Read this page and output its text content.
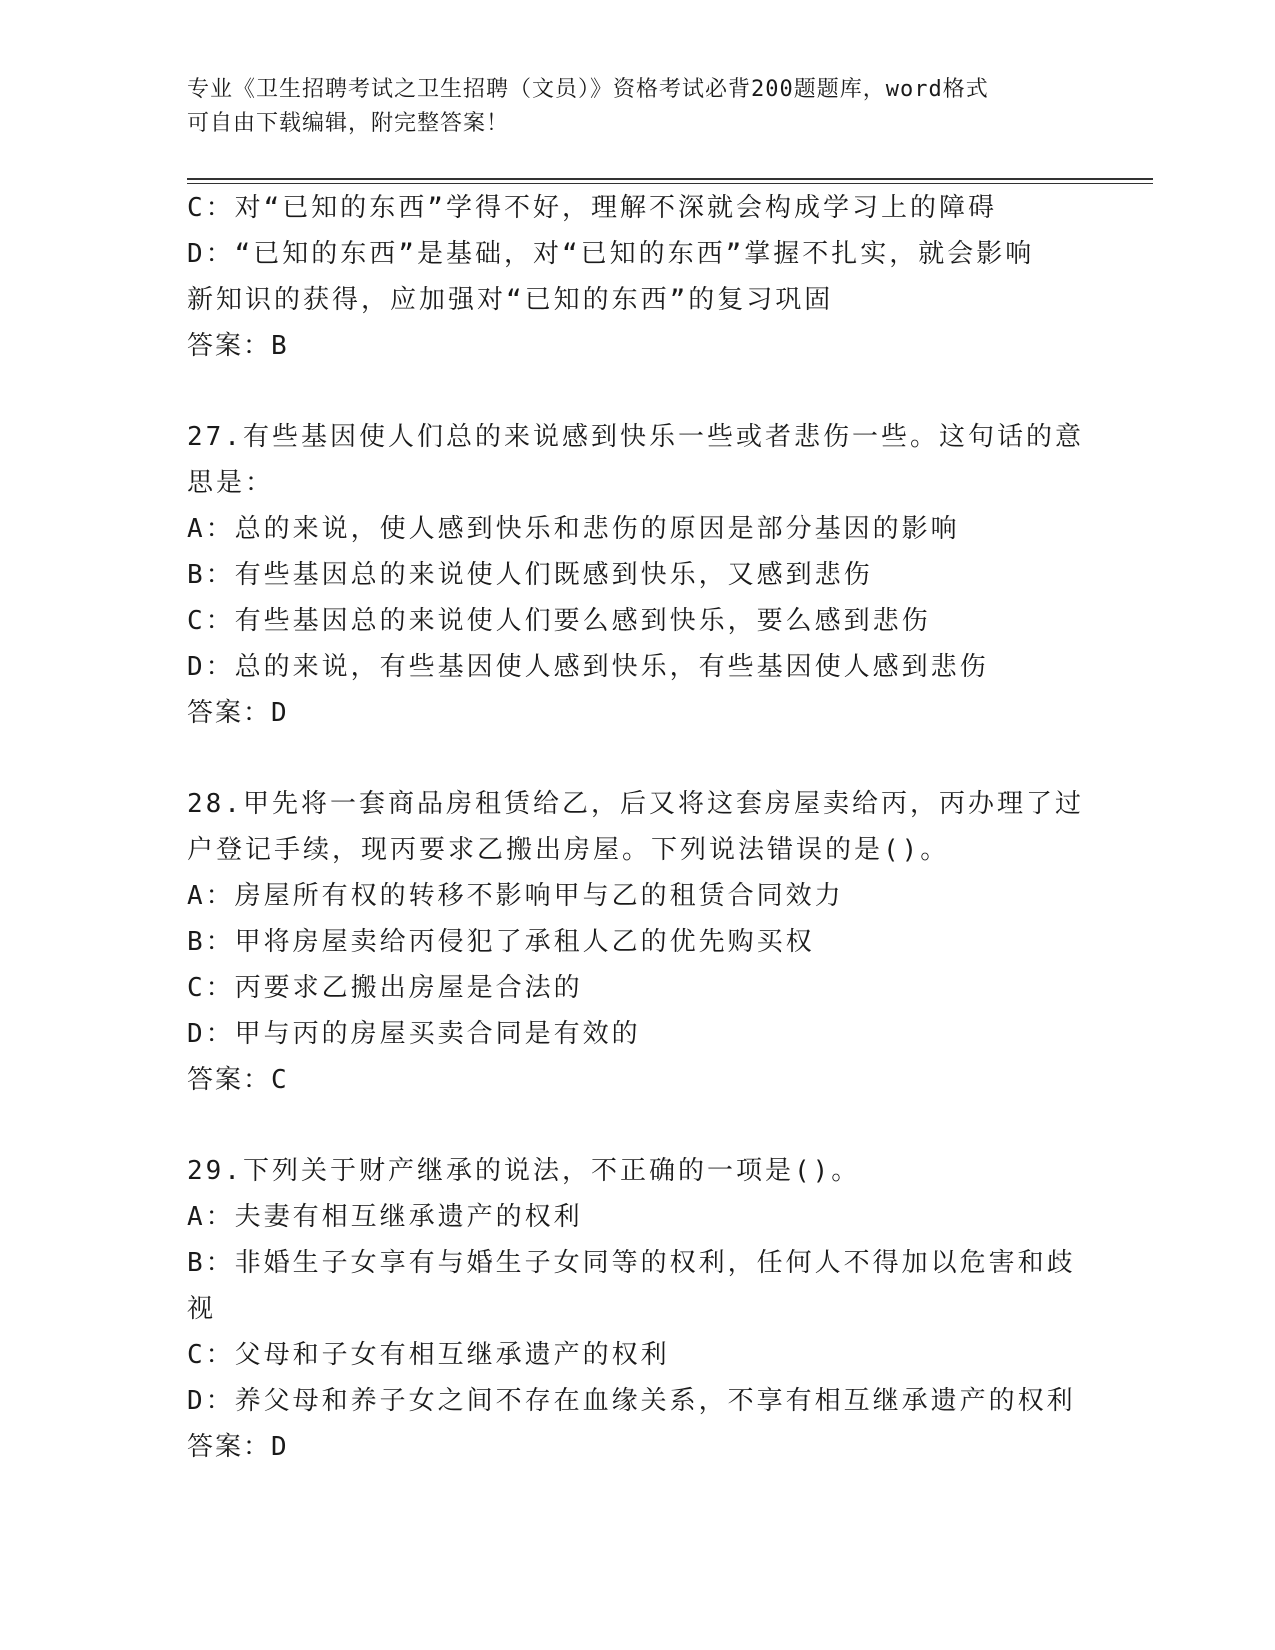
专业《卫生招聘考试之卫生招聘（文员）》资格考试必背200题题库，word格式
可自由下载编辑，附完整答案！
C：对“已知的东西”学得不好，理解不深就会构成学习上的障碍
D：“已知的东西”是基础，对“已知的东西”掌握不扎实，就会影响
新知识的获得，应加强对“已知的东西”的复习巩固
答案：B
27.有些基因使人们总的来说感到快乐一些或者悲伤一些。这句话的意
思是：
A：总的来说，使人感到快乐和悲伤的原因是部分基因的影响
B：有些基因总的来说使人们既感到快乐，又感到悲伤
C：有些基因总的来说使人们要么感到快乐，要么感到悲伤
D：总的来说，有些基因使人感到快乐，有些基因使人感到悲伤
答案：D
28.甲先将一套商品房租赁给乙，后又将这套房屋卖给丙，丙办理了过
户登记手续，现丙要求乙搬出房屋。下列说法错误的是()。
A：房屋所有权的转移不影响甲与乙的租赁合同效力
B：甲将房屋卖给丙侵犯了承租人乙的优先购买权
C：丙要求乙搬出房屋是合法的
D：甲与丙的房屋买卖合同是有效的
答案：C
29.下列关于财产继承的说法，不正确的一项是()。
A：夫妻有相互继承遗产的权利
B：非婚生子女享有与婚生子女同等的权利，任何人不得加以危害和歧
视
C：父母和子女有相互继承遗产的权利
D：养父母和养子女之间不存在血缘关系，不享有相互继承遗产的权利
答案：D
